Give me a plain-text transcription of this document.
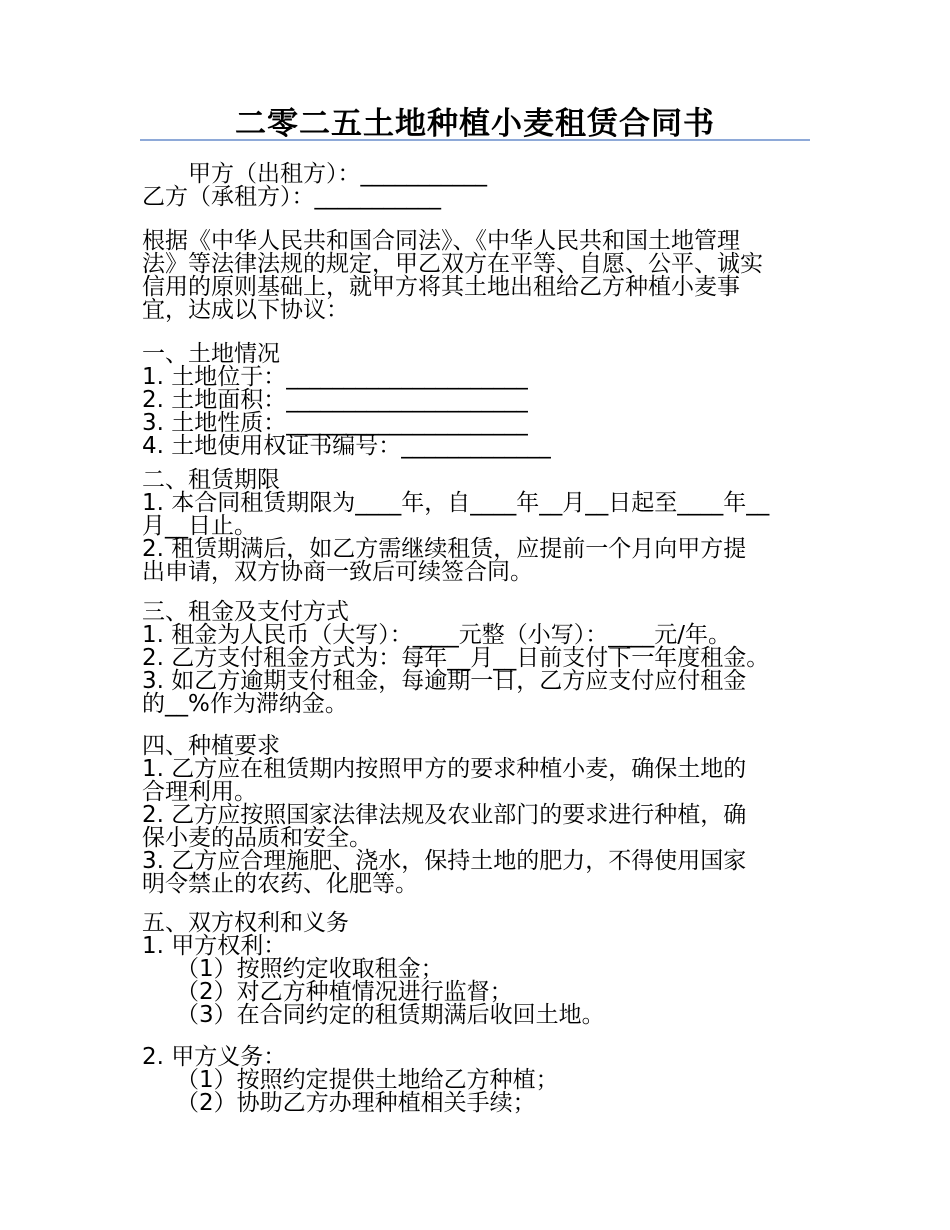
二零二五土地种植小麦租赁合同书
甲方（出租方）：___________
乙方（承租方）：___________
根据《中华人民共和国合同法》、《中华人民共和国土地管理
法》等法律法规的规定，甲乙双方在平等、自愿、公平、诚实
信用的原则基础上，就甲方将其土地出租给乙方种植小麦事
宜，达成以下协议：
一、土地情况
1. 土地位于：_____________________
2. 土地面积：_____________________
3. 土地性质：_____________________
4. 土地使用权证书编号：_____________
二、租赁期限
1. 本合同租赁期限为____年，自____年__月__日起至____年__
月__日止。
2. 租赁期满后，如乙方需继续租赁，应提前一个月向甲方提
出申请，双方协商一致后可续签合同。
三、租金及支付方式
1. 租金为人民币（大写）：____元整（小写）：____元/年。
2. 乙方支付租金方式为：每年__月__日前支付下一年度租金。
3. 如乙方逾期支付租金，每逾期一日，乙方应支付应付租金
的__%作为滞纳金。
四、种植要求
1. 乙方应在租赁期内按照甲方的要求种植小麦，确保土地的
合理利用。
2. 乙方应按照国家法律法规及农业部门的要求进行种植，确
保小麦的品质和安全。
3. 乙方应合理施肥、浇水，保持土地的肥力，不得使用国家
明令禁止的农药、化肥等。
五、双方权利和义务
1. 甲方权利：
（1）按照约定收取租金；
（2）对乙方种植情况进行监督；
（3）在合同约定的租赁期满后收回土地。
2. 甲方义务：
（1）按照约定提供土地给乙方种植；
（2）协助乙方办理种植相关手续；
